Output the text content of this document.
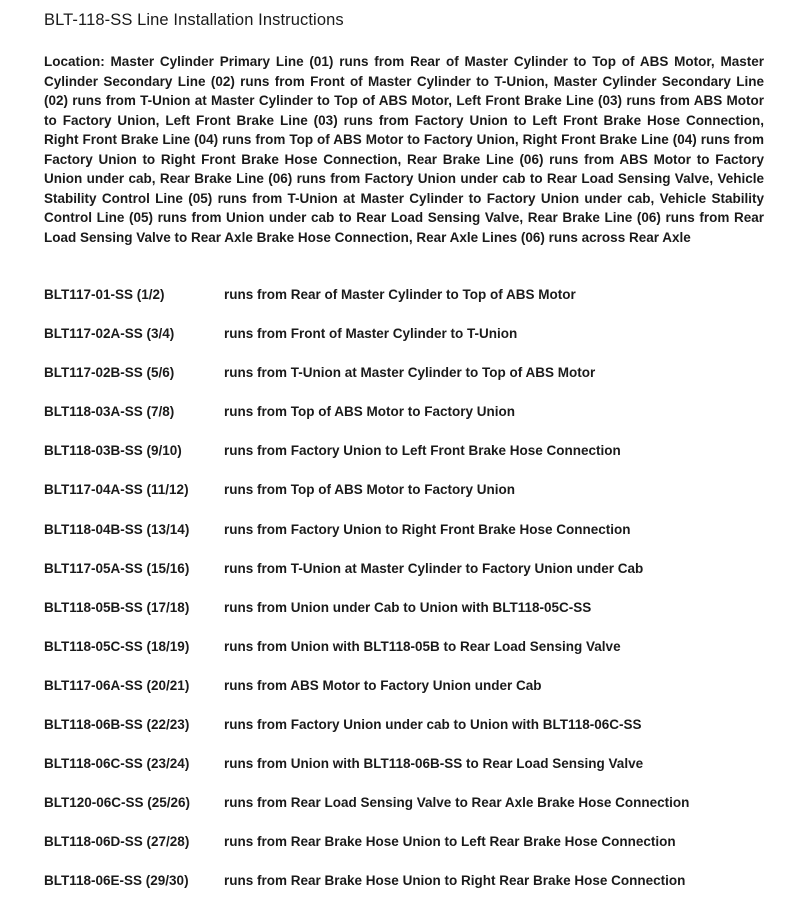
BLT-118-SS Line Installation Instructions
Location: Master Cylinder Primary Line (01) runs from Rear of Master Cylinder to Top of ABS Motor, Master Cylinder Secondary Line (02) runs from Front of Master Cylinder to T-Union, Master Cylinder Secondary Line (02) runs from T-Union at Master Cylinder to Top of ABS Motor, Left Front Brake Line (03) runs from ABS Motor to Factory Union, Left Front Brake Line (03) runs from Factory Union to Left Front Brake Hose Connection, Right Front Brake Line (04) runs from Top of ABS Motor to Factory Union, Right Front Brake Line (04) runs from Factory Union to Right Front Brake Hose Connection, Rear Brake Line (06) runs from ABS Motor to Factory Union under cab, Rear Brake Line (06) runs from Factory Union under cab to Rear Load Sensing Valve, Vehicle Stability Control Line (05) runs from T-Union at Master Cylinder to Factory Union under cab, Vehicle Stability Control Line (05) runs from Union under cab to Rear Load Sensing Valve, Rear Brake Line (06) runs from Rear Load Sensing Valve to Rear Axle Brake Hose Connection, Rear Axle Lines (06) runs across Rear Axle
BLT117-01-SS (1/2)	runs from Rear of Master Cylinder to Top of ABS Motor
BLT117-02A-SS (3/4)	runs from Front of Master Cylinder to T-Union
BLT117-02B-SS (5/6)	runs from T-Union at Master Cylinder to Top of ABS Motor
BLT118-03A-SS (7/8)	runs from Top of ABS Motor to Factory Union
BLT118-03B-SS (9/10)	runs from Factory Union to Left Front Brake Hose Connection
BLT117-04A-SS (11/12)	runs from Top of ABS Motor to Factory Union
BLT118-04B-SS (13/14)	runs from Factory Union to Right Front Brake Hose Connection
BLT117-05A-SS (15/16)	runs from T-Union at Master Cylinder to Factory Union under Cab
BLT118-05B-SS (17/18)	runs from Union under Cab to Union with BLT118-05C-SS
BLT118-05C-SS (18/19)	runs from Union with BLT118-05B to Rear Load Sensing Valve
BLT117-06A-SS (20/21)	runs from ABS Motor to Factory Union under Cab
BLT118-06B-SS (22/23)	runs from Factory Union under cab to Union with BLT118-06C-SS
BLT118-06C-SS (23/24)	runs from Union with BLT118-06B-SS to Rear Load Sensing Valve
BLT120-06C-SS (25/26)	runs from Rear Load Sensing Valve to Rear Axle Brake Hose Connection
BLT118-06D-SS (27/28)	runs from Rear Brake Hose Union to Left Rear Brake Hose Connection
BLT118-06E-SS (29/30)	runs from Rear Brake Hose Union to Right Rear Brake Hose Connection
